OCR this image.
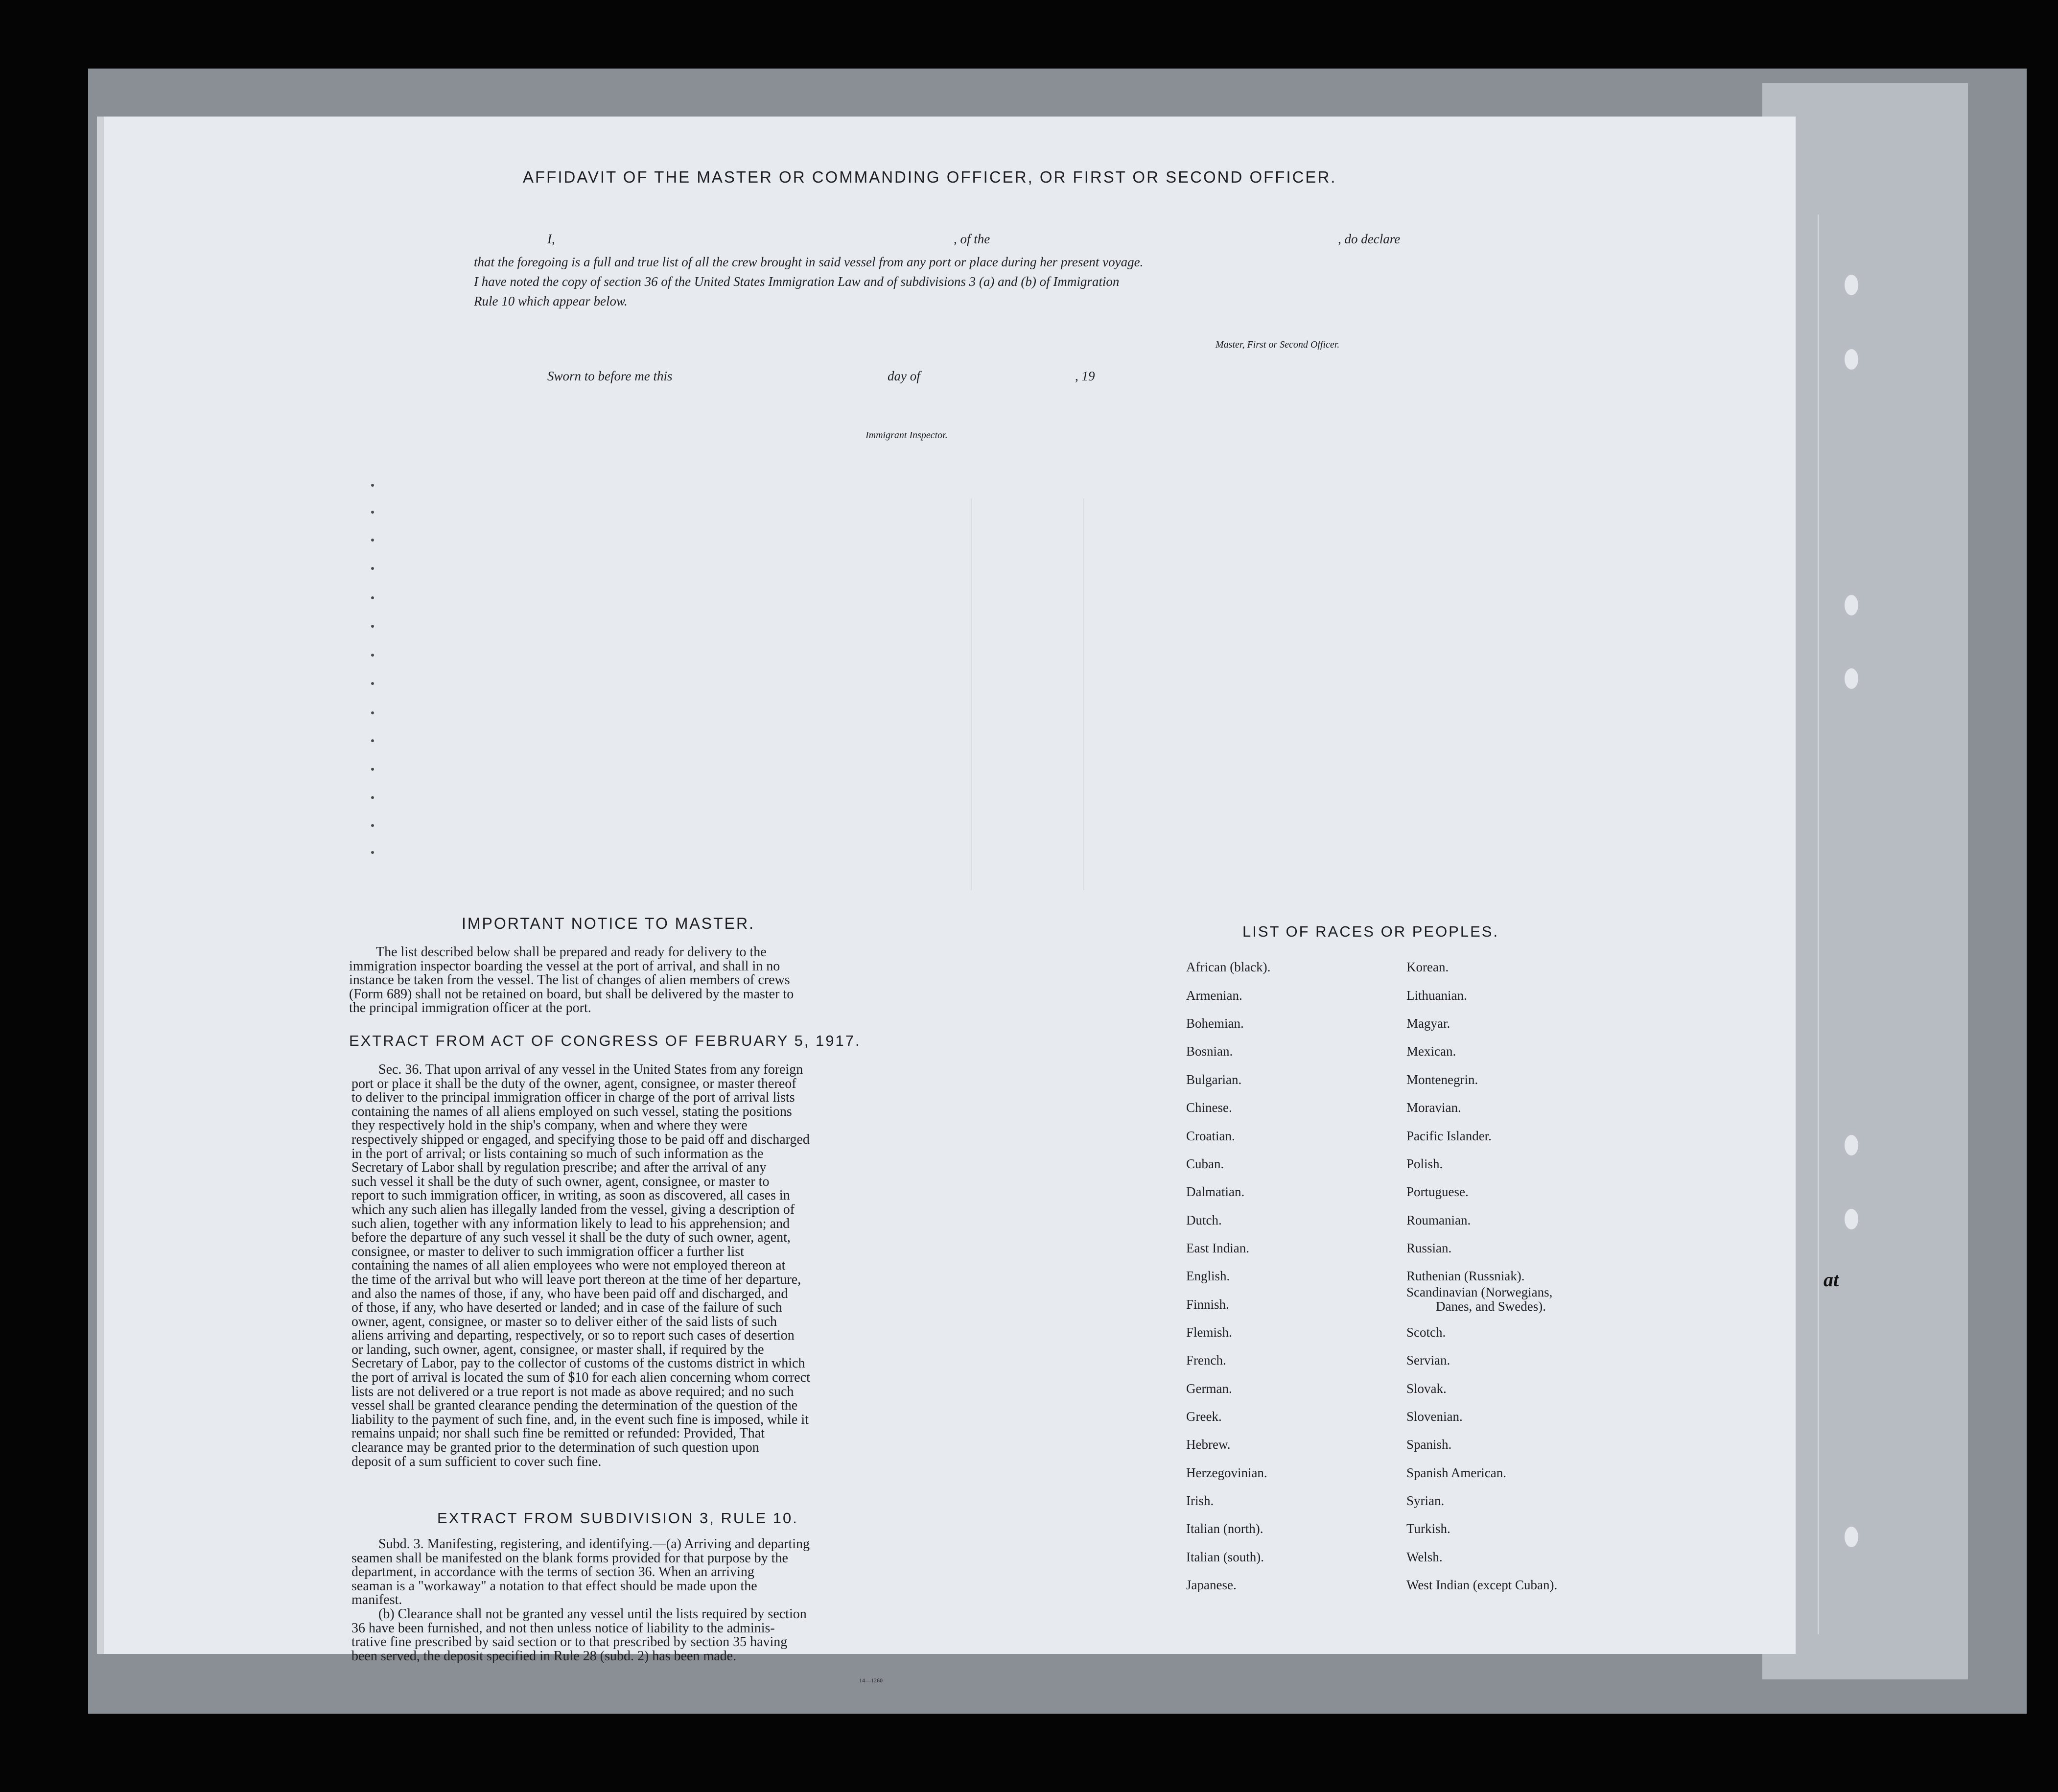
at
AFFIDAVIT OF THE MASTER OR COMMANDING OFFICER, OR FIRST OR SECOND OFFICER.
I,	, of the	, do declare
that the foregoing is a full and true list of all the crew brought in said vessel from any port or place during her present voyage.
I have noted the copy of section 36 of the United States Immigration Law and of subdivisions 3 (a) and (b) of Immigration
Rule 10 which appear below.
Master, First or Second Officer.
Sworn to before me this	day of	, 19
Immigrant Inspector.
IMPORTANT NOTICE TO MASTER.
The list described below shall be prepared and ready for delivery to the
immigration inspector boarding the vessel at the port of arrival, and shall in no
instance be taken from the vessel. The list of changes of alien members of crews
(Form 689) shall not be retained on board, but shall be delivered by the master to
the principal immigration officer at the port.
EXTRACT FROM ACT OF CONGRESS OF FEBRUARY 5, 1917.
Sec. 36. That upon arrival of any vessel in the United States from any foreign
port or place it shall be the duty of the owner, agent, consignee, or master thereof
to deliver to the principal immigration officer in charge of the port of arrival lists
containing the names of all aliens employed on such vessel, stating the positions
they respectively hold in the ship's company, when and where they were
respectively shipped or engaged, and specifying those to be paid off and discharged
in the port of arrival; or lists containing so much of such information as the
Secretary of Labor shall by regulation prescribe; and after the arrival of any
such vessel it shall be the duty of such owner, agent, consignee, or master to
report to such immigration officer, in writing, as soon as discovered, all cases in
which any such alien has illegally landed from the vessel, giving a description of
such alien, together with any information likely to lead to his apprehension; and
before the departure of any such vessel it shall be the duty of such owner, agent,
consignee, or master to deliver to such immigration officer a further list
containing the names of all alien employees who were not employed thereon at
the time of the arrival but who will leave port thereon at the time of her departure,
and also the names of those, if any, who have been paid off and discharged, and
of those, if any, who have deserted or landed; and in case of the failure of such
owner, agent, consignee, or master so to deliver either of the said lists of such
aliens arriving and departing, respectively, or so to report such cases of desertion
or landing, such owner, agent, consignee, or master shall, if required by the
Secretary of Labor, pay to the collector of customs of the customs district in which
the port of arrival is located the sum of $10 for each alien concerning whom correct
lists are not delivered or a true report is not made as above required; and no such
vessel shall be granted clearance pending the determination of the question of the
liability to the payment of such fine, and, in the event such fine is imposed, while it
remains unpaid; nor shall such fine be remitted or refunded: Provided, That
clearance may be granted prior to the determination of such question upon
deposit of a sum sufficient to cover such fine.
EXTRACT FROM SUBDIVISION 3, RULE 10.
Subd. 3. Manifesting, registering, and identifying.—(a) Arriving and departing
seamen shall be manifested on the blank forms provided for that purpose by the
department, in accordance with the terms of section 36. When an arriving
seaman is a "workaway" a notation to that effect should be made upon the
manifest.
(b) Clearance shall not be granted any vessel until the lists required by section
36 have been furnished, and not then unless notice of liability to the adminis-
trative fine prescribed by said section or to that prescribed by section 35 having
been served, the deposit specified in Rule 28 (subd. 2) has been made.
14—1260
LIST OF RACES OR PEOPLES.
African (black).
Armenian.
Bohemian.
Bosnian.
Bulgarian.
Chinese.
Croatian.
Cuban.
Dalmatian.
Dutch.
East Indian.
English.
Finnish.
Flemish.
French.
German.
Greek.
Hebrew.
Herzegovinian.
Irish.
Italian (north).
Italian (south).
Japanese.
Korean.
Lithuanian.
Magyar.
Mexican.
Montenegrin.
Moravian.
Pacific Islander.
Polish.
Portuguese.
Roumanian.
Russian.
Ruthenian (Russniak).
Scandinavian (Norwegians,
Danes, and Swedes).
Scotch.
Servian.
Slovak.
Slovenian.
Spanish.
Spanish American.
Syrian.
Turkish.
Welsh.
West Indian (except Cuban).
